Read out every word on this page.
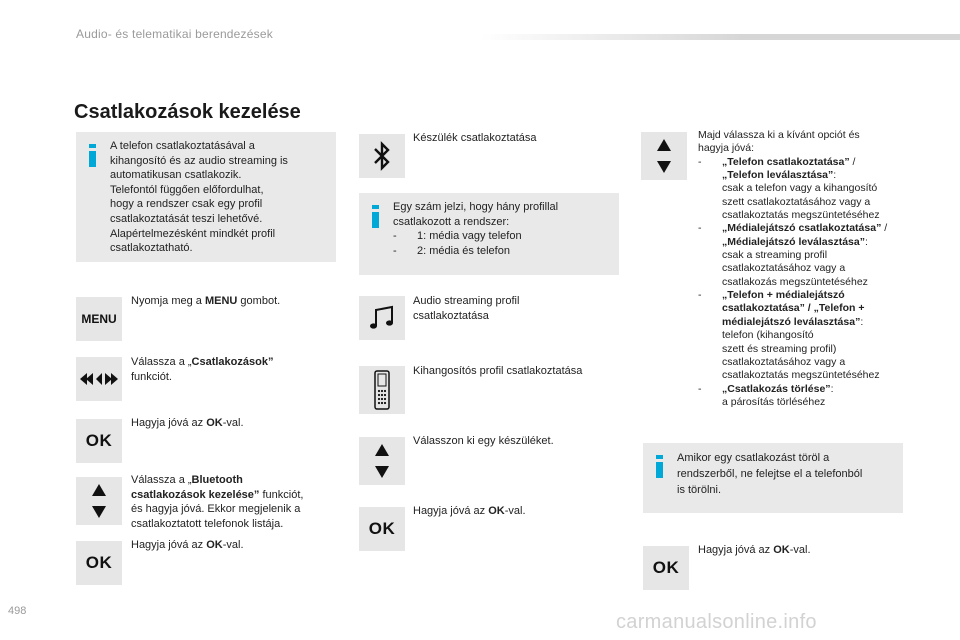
Audio- és telematikai berendezések
Csatlakozások kezelése
A telefon csatlakoztatásával a
kihangosító és az audio streaming is
automatikusan csatlakozik.
Telefontól függően előfordulhat,
hogy a rendszer csak egy profil
csatlakoztatását teszi lehetővé.
Alapértelmezésként mindkét profil
csatlakoztatható.
MENU
Nyomja meg a MENU gombot.
Válassza a „Csatlakozások”
funkciót.
OK
Hagyja jóvá az OK-val.
Válassza a „Bluetooth
csatlakozások kezelése” funkciót,
és hagyja jóvá. Ekkor megjelenik a
csatlakoztatott telefonok listája.
OK
Hagyja jóvá az OK-val.
Készülék csatlakoztatása
Egy szám jelzi, hogy hány profillal
csatlakozott a rendszer:
-	1: média vagy telefon
-	2: média és telefon
Audio streaming profil
csatlakoztatása
Kihangosítós profil csatlakoztatása
Válasszon ki egy készüléket.
OK
Hagyja jóvá az OK-val.
Majd válassza ki a kívánt opciót és
hagyja jóvá:
-	„Telefon csatlakoztatása” /
„Telefon leválasztása”:
csak a telefon vagy a kihangosító
szett csatlakoztatásához vagy a
csatlakoztatás megszüntetéséhez
-	„Médialejátszó csatlakoztatása” /
„Médialejátszó leválasztása”:
csak a streaming profil
csatlakoztatásához vagy a
csatlakozás megszüntetéséhez
-	„Telefon + médialejátszó
csatlakoztatása” / „Telefon +
médialejátszó leválasztása”:
telefon (kihangosító
szett és streaming profil)
csatlakoztatásához vagy a
csatlakoztatás megszüntetéséhez
-	„Csatlakozás törlése”:
a párosítás törléséhez
Amikor egy csatlakozást töröl a
rendszerből, ne felejtse el a telefonból
is törölni.
OK
Hagyja jóvá az OK-val.
498	carmanualsonline.info
